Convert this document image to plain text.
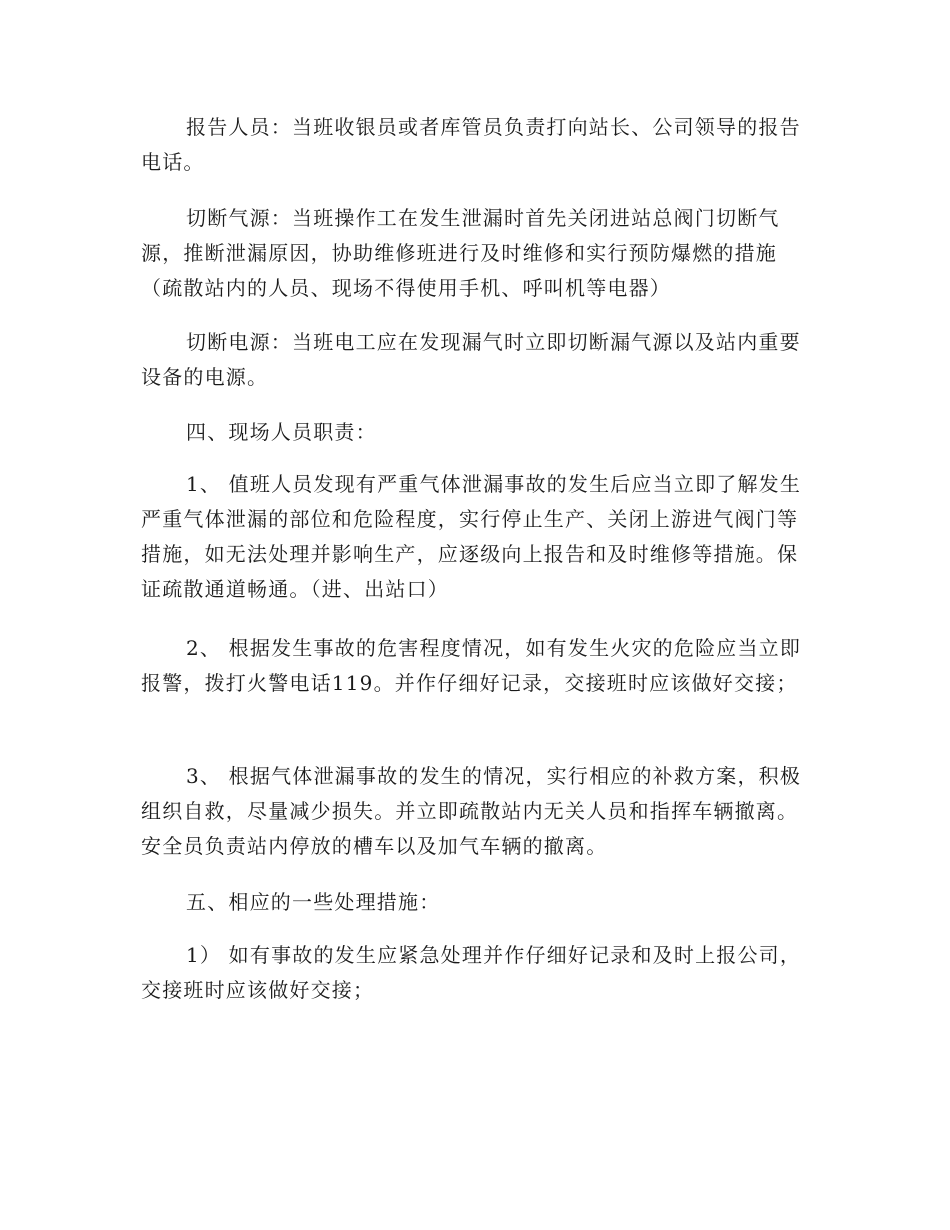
报告人员：当班收银员或者库管员负责打向站长、公司领导的报告电话。

切断气源：当班操作工在发生泄漏时首先关闭进站总阀门切断气源，推断泄漏原因，协助维修班进行及时维修和实行预防爆燃的措施（疏散站内的人员、现场不得使用手机、呼叫机等电器）

切断电源：当班电工应在发现漏气时立即切断漏气源以及站内重要设备的电源。

四、现场人员职责：

1、 值班人员发现有严重气体泄漏事故的发生后应当立即了解发生严重气体泄漏的部位和危险程度，实行停止生产、关闭上游进气阀门等措施，如无法处理并影响生产，应逐级向上报告和及时维修等措施。保证疏散通道畅通。（进、出站口）

2、 根据发生事故的危害程度情况，如有发生火灾的危险应当立即报警，拨打火警电话119。并作仔细好记录，交接班时应该做好交接；

3、 根据气体泄漏事故的发生的情况，实行相应的补救方案，积极组织自救，尽量减少损失。并立即疏散站内无关人员和指挥车辆撤离。安全员负责站内停放的槽车以及加气车辆的撤离。

五、相应的一些处理措施：

1） 如有事故的发生应紧急处理并作仔细好记录和及时上报公司，交接班时应该做好交接；
